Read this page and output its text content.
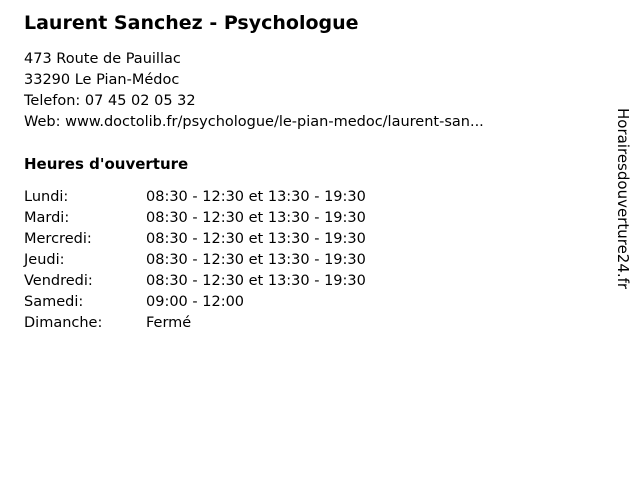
Laurent Sanchez - Psychologue
473 Route de Pauillac
33290 Le Pian-Médoc
Telefon: 07 45 02 05 32
Web: www.doctolib.fr/psychologue/le-pian-medoc/laurent-san...
Heures d'ouverture
Lundi:	08:30 - 12:30 et 13:30 - 19:30
Mardi:	08:30 - 12:30 et 13:30 - 19:30
Mercredi:	08:30 - 12:30 et 13:30 - 19:30
Jeudi:	08:30 - 12:30 et 13:30 - 19:30
Vendredi:	08:30 - 12:30 et 13:30 - 19:30
Samedi:	09:00 - 12:00
Dimanche:	Fermé
Horairesdouverture24.fr
